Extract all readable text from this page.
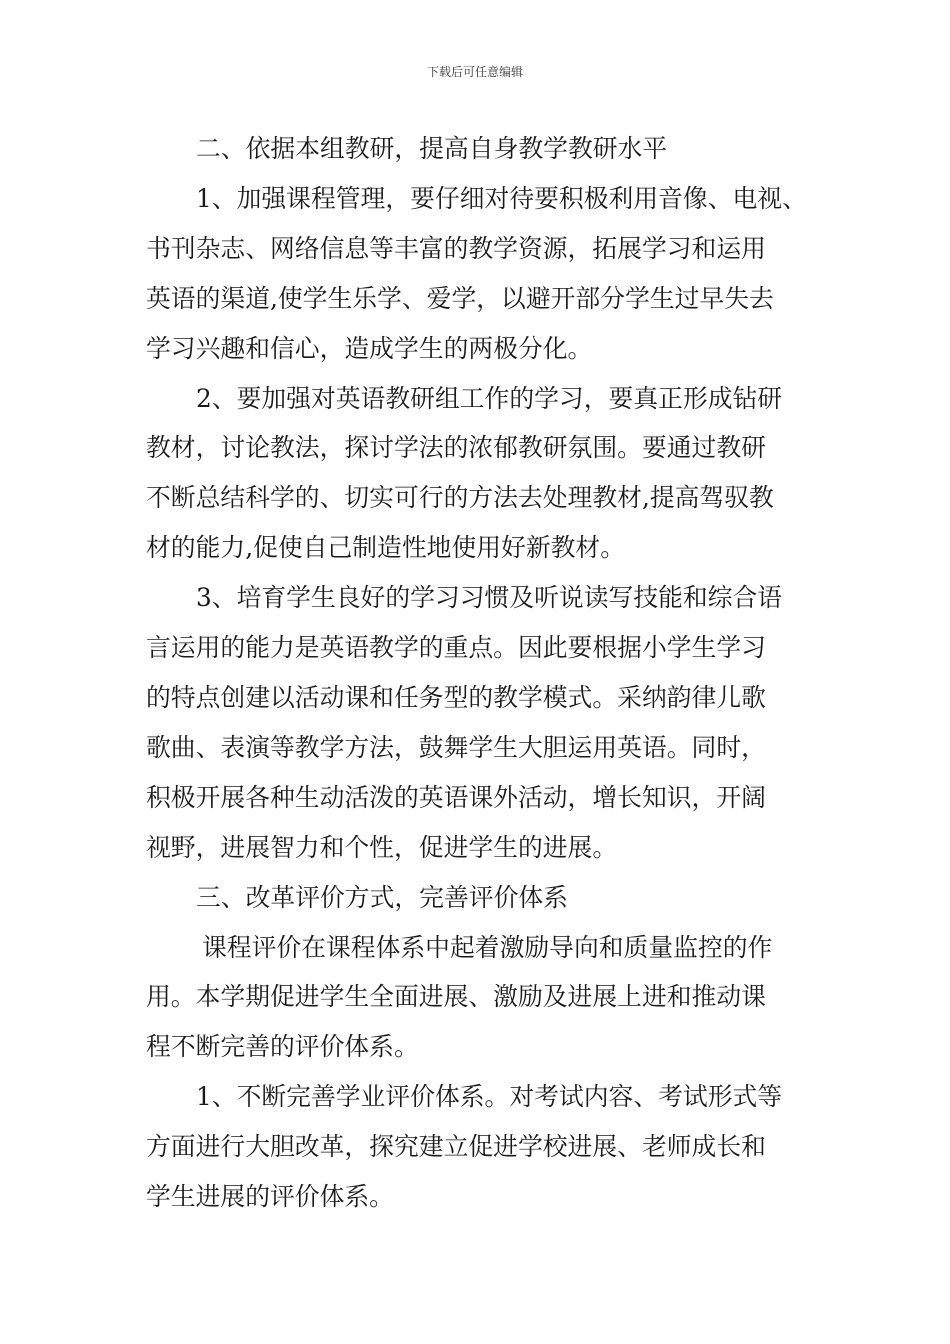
下载后可任意编辑

二、依据本组教研，提高自身教学教研水平

1、加强课程管理，要仔细对待要积极利用音像、电视、
书刊杂志、网络信息等丰富的教学资源，拓展学习和运用
英语的渠道,使学生乐学、爱学，以避开部分学生过早失去
学习兴趣和信心，造成学生的两极分化。

2、要加强对英语教研组工作的学习，要真正形成钻研
教材，讨论教法，探讨学法的浓郁教研氛围。要通过教研
不断总结科学的、切实可行的方法去处理教材,提高驾驭教
材的能力,促使自己制造性地使用好新教材。

3、培育学生良好的学习习惯及听说读写技能和综合语
言运用的能力是英语教学的重点。因此要根据小学生学习
的特点创建以活动课和任务型的教学模式。采纳韵律儿歌
歌曲、表演等教学方法，鼓舞学生大胆运用英语。同时，
积极开展各种生动活泼的英语课外活动，增长知识，开阔
视野，进展智力和个性，促进学生的进展。

三、改革评价方式，完善评价体系

课程评价在课程体系中起着激励导向和质量监控的作
用。本学期促进学生全面进展、激励及进展上进和推动课
程不断完善的评价体系。

1、不断完善学业评价体系。对考试内容、考试形式等
方面进行大胆改革，探究建立促进学校进展、老师成长和
学生进展的评价体系。
